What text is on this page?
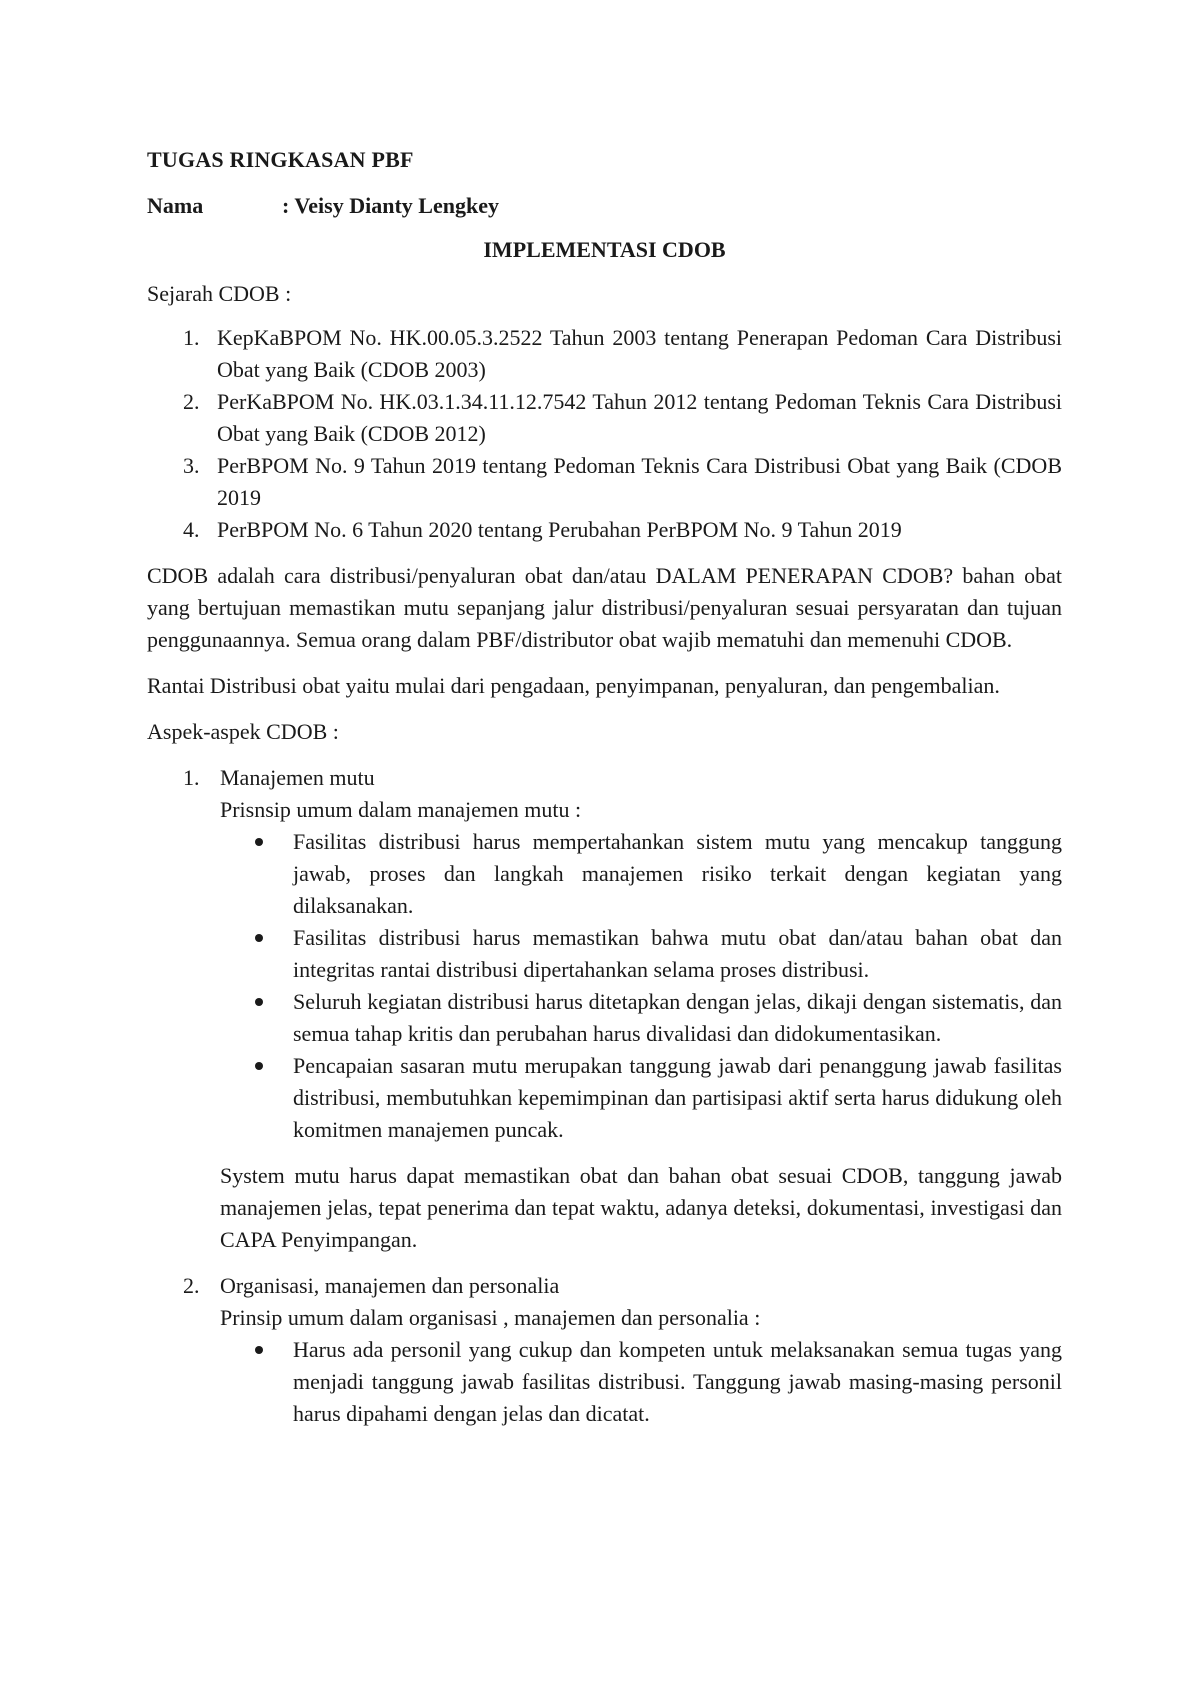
TUGAS RINGKASAN PBF

Nama	: Veisy Dianty Lengkey

IMPLEMENTASI CDOB

Sejarah CDOB :

1. KepKaBPOM No. HK.00.05.3.2522 Tahun 2003 tentang Penerapan Pedoman Cara Distribusi Obat yang Baik (CDOB 2003)
2. PerKaBPOM No. HK.03.1.34.11.12.7542 Tahun 2012 tentang Pedoman Teknis Cara Distribusi Obat yang Baik (CDOB 2012)
3. PerBPOM No. 9 Tahun 2019 tentang Pedoman Teknis Cara Distribusi Obat yang Baik (CDOB 2019
4. PerBPOM No. 6 Tahun 2020 tentang Perubahan PerBPOM No. 9 Tahun 2019

CDOB adalah cara distribusi/penyaluran obat dan/atau DALAM PENERAPAN CDOB? bahan obat yang bertujuan memastikan mutu sepanjang jalur distribusi/penyaluran sesuai persyaratan dan tujuan penggunaannya. Semua orang dalam PBF/distributor obat wajib mematuhi dan memenuhi CDOB.

Rantai Distribusi obat yaitu mulai dari pengadaan, penyimpanan, penyaluran, dan pengembalian.

Aspek-aspek CDOB :

1. Manajemen mutu

Prisnsip umum dalam manajemen mutu :

Fasilitas distribusi harus mempertahankan sistem mutu yang mencakup tanggung jawab, proses dan langkah manajemen risiko terkait dengan kegiatan yang dilaksanakan.
Fasilitas distribusi harus memastikan bahwa mutu obat dan/atau bahan obat dan integritas rantai distribusi dipertahankan selama proses distribusi.
Seluruh kegiatan distribusi harus ditetapkan dengan jelas, dikaji dengan sistematis, dan semua tahap kritis dan perubahan harus divalidasi dan didokumentasikan.
Pencapaian sasaran mutu merupakan tanggung jawab dari penanggung jawab fasilitas distribusi, membutuhkan kepemimpinan dan partisipasi aktif serta harus didukung oleh komitmen manajemen puncak.

System mutu harus dapat memastikan obat dan bahan obat sesuai CDOB, tanggung jawab manajemen jelas, tepat penerima dan tepat waktu, adanya deteksi, dokumentasi, investigasi dan CAPA Penyimpangan.

2. Organisasi, manajemen dan personalia

Prinsip umum dalam organisasi , manajemen dan personalia :

Harus ada personil yang cukup dan kompeten untuk melaksanakan semua tugas yang menjadi tanggung jawab fasilitas distribusi. Tanggung jawab masing-masing personil harus dipahami dengan jelas dan dicatat.
